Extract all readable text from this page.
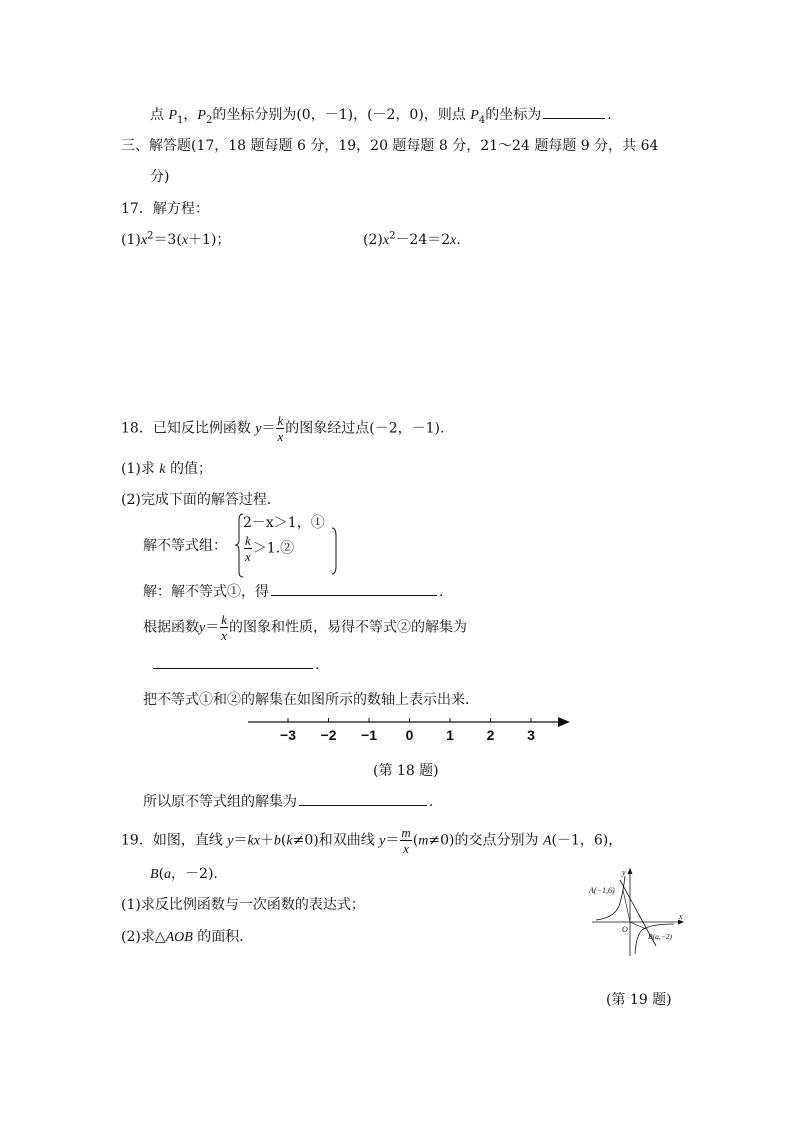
点 $P_1$，$P_2$的坐标分别为(0，－1)，(－2，0)，则点 $P_4$的坐标为	.
三、解答题(17，18 题每题 6 分，19，20 题每题 8 分，21～24 题每题 9 分，共 64
分)
17．解方程：
$(1)x^2=3(x+1)$；	$(2)x^2-24=2x$.
18．已知反比例函数 $y= \frac{k}{x}$ 的图象经过点(－2，－1).
(1)求 k 的值；
(2)完成下面的解答过程．
解不等式组：
2－x＞1，①
$\frac{k}{x}$ ＞1.②
解：解不等式①，得	.
根据函数$y= \frac{k}{x}$ 的图象和性质，易得不等式②的解集为
.
把不等式①和②的解集在如图所示的数轴上表示出来．
−3 −2 −1 0 1 2 3
(第 18 题)
所以原不等式组的解集为	.
19．如图，直线 y＝kx＋b(k≠0)和双曲线 $y= \frac{m}{x} (m\ne 0)$的交点分别为 A(－1，6)，
B(a，－2).
(1)求反比例函数与一次函数的表达式；
(2)求△AOB 的面积．
A(−1,6)
B(a,−2)
O
x
y
(第 19 题)
